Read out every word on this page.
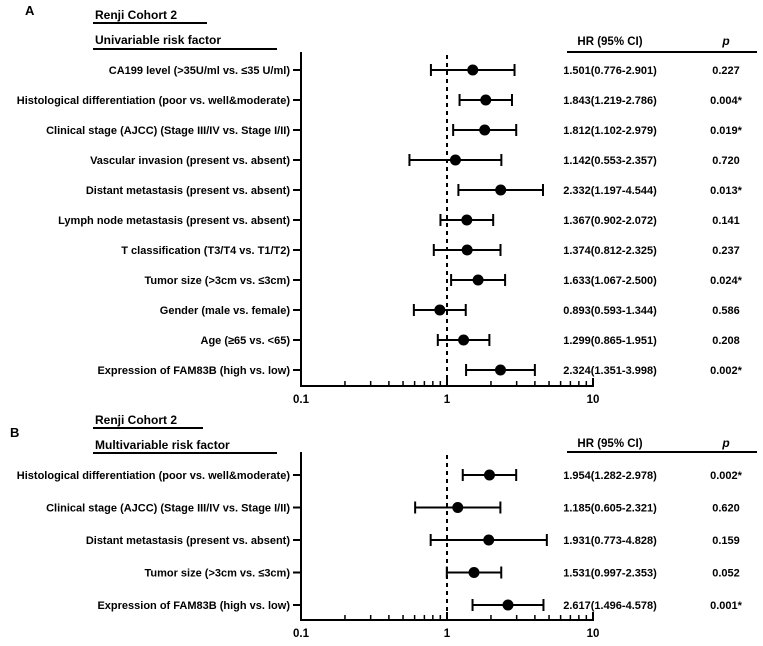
A	Renji Cohort 2
Univariable risk factor	HR (95% CI)	p
0.1	1	10
CA199 level (>35U/ml vs. ≤35 U/ml)	1.501(0.776-2.901)	0.227
Histological differentiation (poor vs. well&moderate)	1.843(1.219-2.786)	0.004*
Clinical stage (AJCC) (Stage III/IV vs. Stage I/II)	1.812(1.102-2.979)	0.019*
Vascular invasion (present vs. absent)	1.142(0.553-2.357)	0.720
Distant metastasis (present vs. absent)	2.332(1.197-4.544)	0.013*
Lymph node metastasis (present vs. absent)	1.367(0.902-2.072)	0.141
T classification (T3/T4 vs. T1/T2)	1.374(0.812-2.325)	0.237
Tumor size (>3cm vs. ≤3cm)	1.633(1.067-2.500)	0.024*
Gender (male vs. female)	0.893(0.593-1.344)	0.586
Age (≥65 vs. <65)	1.299(0.865-1.951)	0.208
Expression of FAM83B (high vs. low)	2.324(1.351-3.998)	0.002*
B
Renji Cohort 2
Multivariable risk factor	HR (95% CI)	p
0.1	1	10
Histological differentiation (poor vs. well&moderate)	1.954(1.282-2.978)	0.002*
Clinical stage (AJCC) (Stage III/IV vs. Stage I/II)	1.185(0.605-2.321)	0.620
Distant metastasis (present vs. absent)	1.931(0.773-4.828)	0.159
Tumor size (>3cm vs. ≤3cm)	1.531(0.997-2.353)	0.052
Expression of FAM83B (high vs. low)	2.617(1.496-4.578)	0.001*
